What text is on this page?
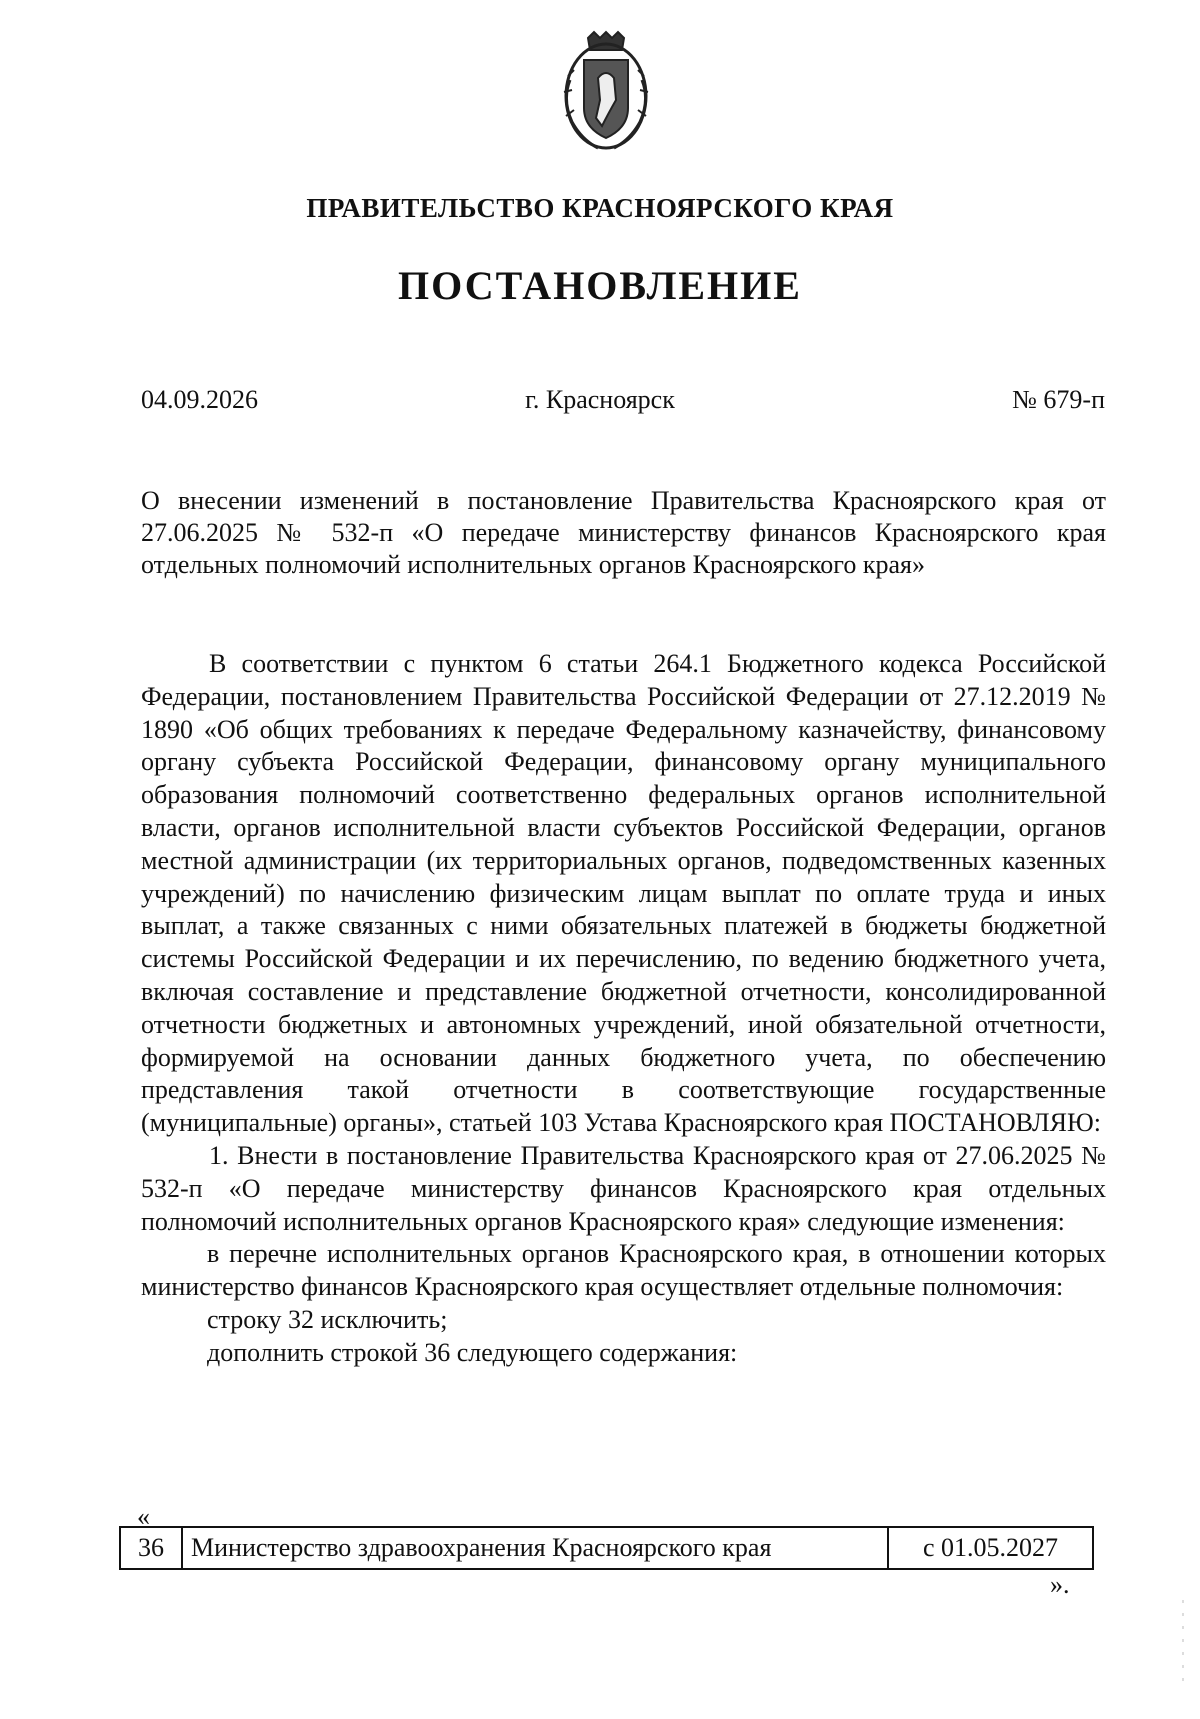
ПРАВИТЕЛЬСТВО КРАСНОЯРСКОГО КРАЯ
ПОСТАНОВЛЕНИЕ
04.09.2026	г. Красноярск	№ 679-п
О внесении изменений в постановление Правительства Красноярского края от 27.06.2025 № 532-п «О передаче министерству финансов Красноярского края отдельных полномочий исполнительных органов Красноярского края»

В соответствии с пунктом 6 статьи 264.1 Бюджетного кодекса Российской Федерации, постановлением Правительства Российской Федерации от 27.12.2019 № 1890 «Об общих требованиях к передаче Федеральному казначейству, финансовому органу субъекта Российской Федерации, финансовому органу муниципального образования полномочий соответственно федеральных органов исполнительной власти, органов исполнительной власти субъектов Российской Федерации, органов местной администрации (их территориальных органов, подведомственных казенных учреждений) по начислению физическим лицам выплат по оплате труда и иных выплат, а также связанных с ними обязательных платежей в бюджеты бюджетной системы Российской Федерации и их перечислению, по ведению бюджетного учета, включая составление и представление бюджетной отчетности, консолидированной отчетности бюджетных и автономных учреждений, иной обязательной отчетности, формируемой на основании данных бюджетного учета, по обеспечению представления такой отчетности в соответствующие государственные (муниципальные) органы», статьей 103 Устава Красноярского края ПОСТАНОВЛЯЮ:

1. Внести в постановление Правительства Красноярского края от 27.06.2025 № 532-п «О передаче министерству финансов Красноярского края отдельных полномочий исполнительных органов Красноярского края» следующие изменения:

в перечне исполнительных органов Красноярского края, в отношении которых министерство финансов Красноярского края осуществляет отдельные полномочия:

строку 32 исключить;

дополнить строкой 36 следующего содержания:

«
36	Министерство здравоохранения Красноярского края	с 01.05.2027
».
